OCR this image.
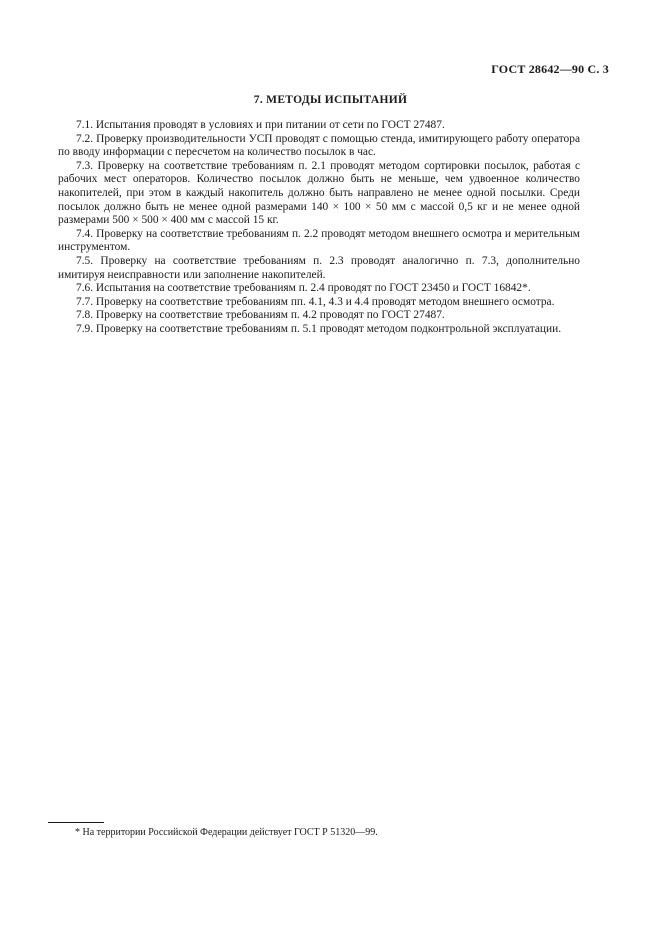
ГОСТ 28642—90 С. 3
7. МЕТОДЫ ИСПЫТАНИЙ

7.1. Испытания проводят в условиях и при питании от сети по ГОСТ 27487.

7.2. Проверку производительности УСП проводят с помощью стенда, имитирующего работу оператора по вводу информации с пересчетом на количество посылок в час.

7.3. Проверку на соответствие требованиям п. 2.1 проводят методом сортировки посылок, работая с рабочих мест операторов. Количество посылок должно быть не меньше, чем удвоенное количество накопителей, при этом в каждый накопитель должно быть направлено не менее одной посылки. Среди посылок должно быть не менее одной размерами 140 × 100 × 50 мм с массой 0,5 кг и не менее одной размерами 500 × 500 × 400 мм с массой 15 кг.

7.4. Проверку на соответствие требованиям п. 2.2 проводят методом внешнего осмотра и мерительным инструментом.

7.5. Проверку на соответствие требованиям п. 2.3 проводят аналогично п. 7.3, дополнительно имитируя неисправности или заполнение накопителей.

7.6. Испытания на соответствие требованиям п. 2.4 проводят по ГОСТ 23450 и ГОСТ 16842*.

7.7. Проверку на соответствие требованиям пп. 4.1, 4.3 и 4.4 проводят методом внешнего осмотра.

7.8. Проверку на соответствие требованиям п. 4.2 проводят по ГОСТ 27487.

7.9. Проверку на соответствие требованиям п. 5.1 проводят методом подконтрольной эксплуатации.

* На территории Российской Федерации действует ГОСТ Р 51320—99.
